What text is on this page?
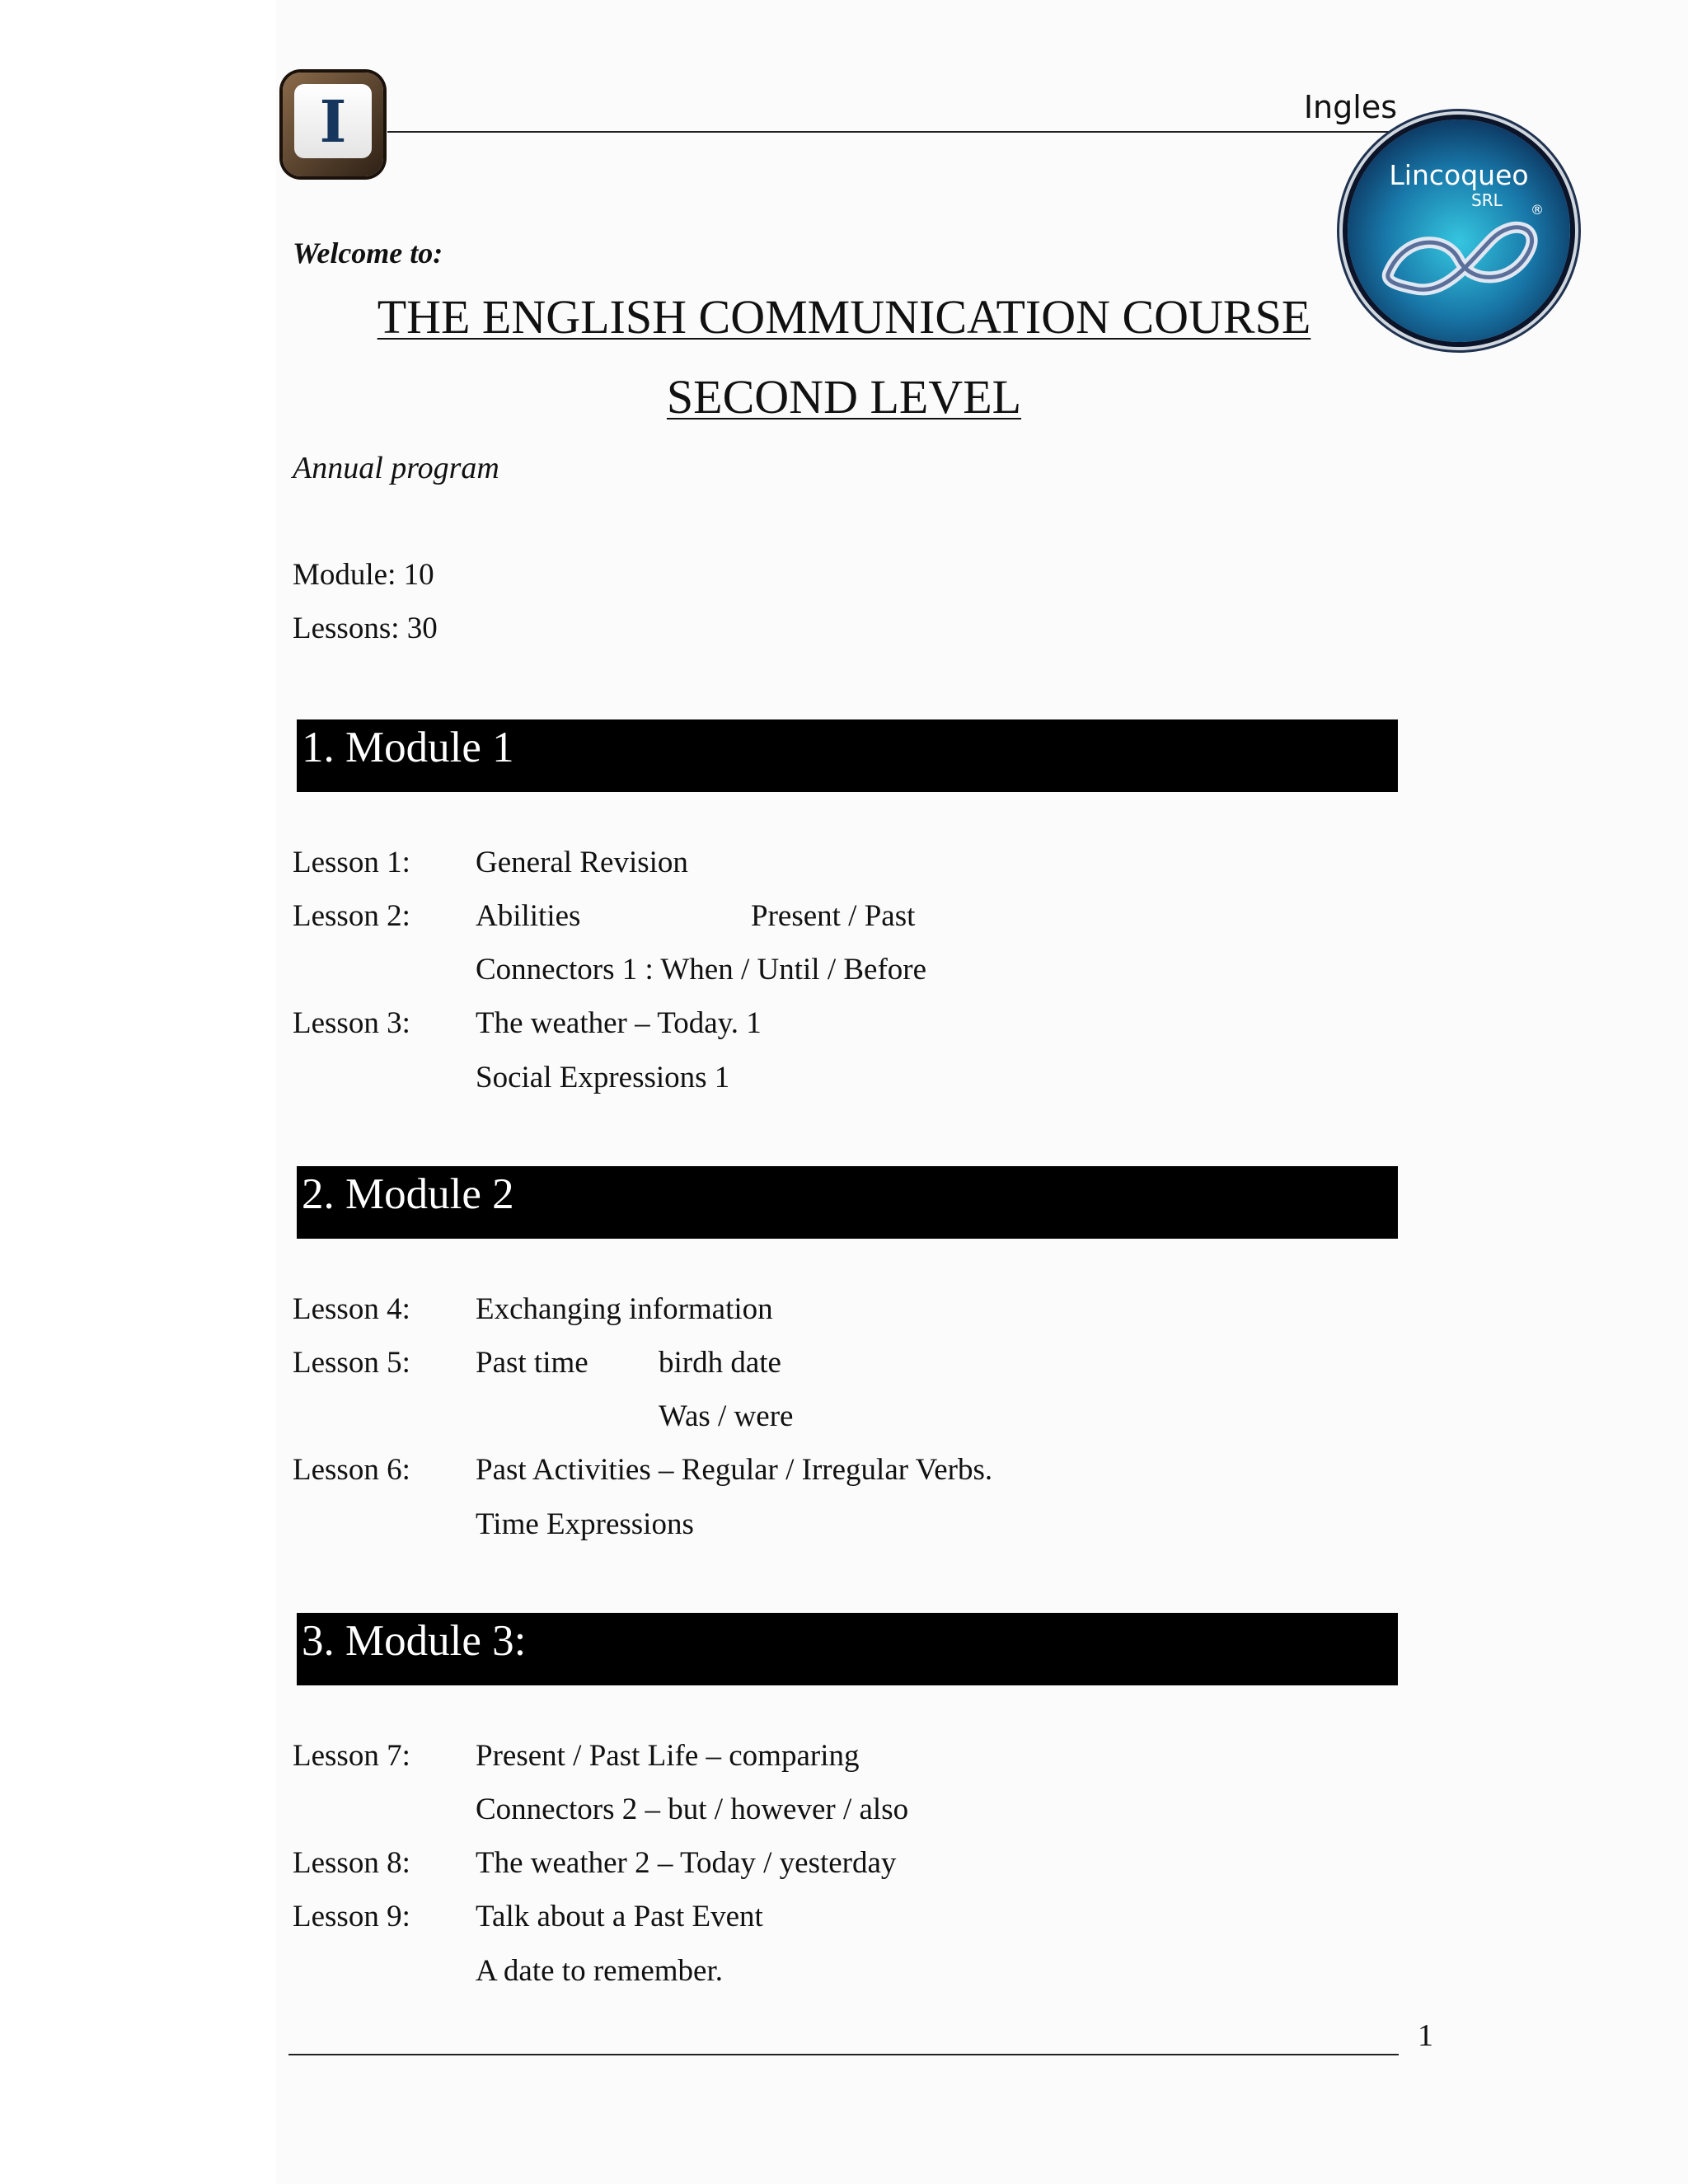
I	Ingles
Lincoqueo
SRL ®
Welcome to:
THE ENGLISH COMMUNICATION COURSE
SECOND LEVEL
Annual program
Module: 10
Lessons: 30
1. Module 1
Lesson 1: General Revision
Lesson 2: Abilities	Present / Past
Connectors 1 : When / Until / Before
Lesson 3: The weather – Today. 1
Social Expressions 1
2. Module 2
Lesson 4: Exchanging information
Lesson 5: Past time birdh date
Was / were
Lesson 6: Past Activities – Regular / Irregular Verbs.
Time Expressions
3. Module 3:
Lesson 7: Present / Past Life – comparing
Connectors 2 – but / however / also
Lesson 8: The weather 2 – Today / yesterday
Lesson 9: Talk about a Past Event
A date to remember.
1
